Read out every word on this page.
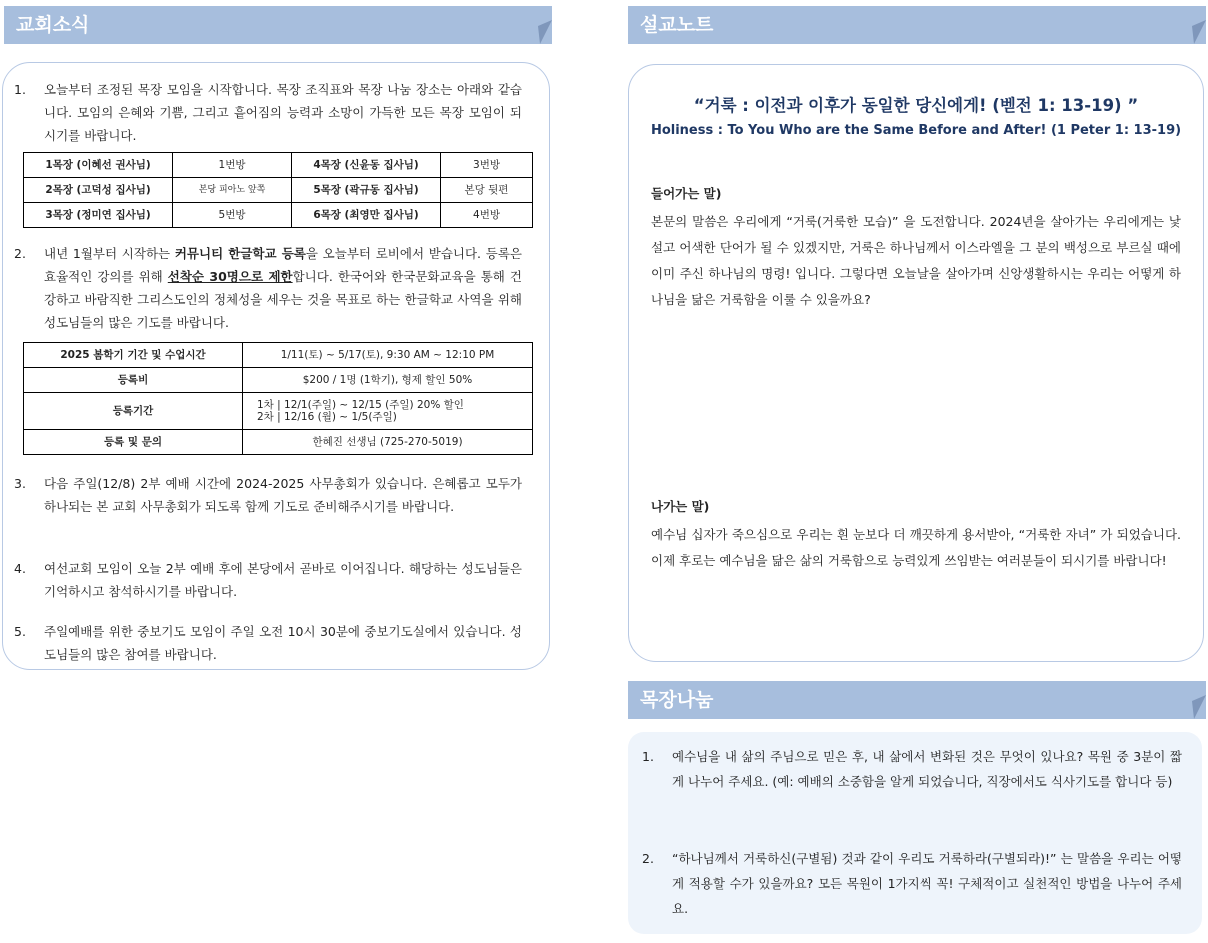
교회소식
1.	오늘부터 조정된 목장 모임을 시작합니다. 목장 조직표와 목장 나눔 장소는 아래와 같습니다. 모임의 은혜와 기쁨, 그리고 흩어짐의 능력과 소망이 가득한 모든 목장 모임이 되시기를 바랍니다.
1목장 (이혜선 권사님)	1번방	4목장 (신윤동 집사님)	3번방
2목장 (고덕성 집사님)	본당 피아노 앞쪽	5목장 (곽규동 집사님)	본당 뒷편
3목장 (정미연 집사님)	5번방	6목장 (최영만 집사님)	4번방
2.	내년 1월부터 시작하는 커뮤니티 한글학교 등록을 오늘부터 로비에서 받습니다. 등록은 효율적인 강의를 위해 선착순 30명으로 제한합니다. 한국어와 한국문화교육을 통해 건강하고 바람직한 그리스도인의 정체성을 세우는 것을 목표로 하는 한글학교 사역을 위해 성도님들의 많은 기도를 바랍니다.
2025 봄학기 기간 및 수업시간	1/11(토) ~ 5/17(토), 9:30 AM ~ 12:10 PM
등록비	$200 / 1명 (1학기), 형제 할인 50%
등록기간	1차 | 12/1(주일) ~ 12/15 (주일) 20% 할인
2차 | 12/16 (월) ~ 1/5(주일)

등록 및 문의	한혜진 선생님 (725-270-5019)
3.	다음 주일(12/8) 2부 예배 시간에 2024-2025 사무총회가 있습니다. 은혜롭고 모두가 하나되는 본 교회 사무총회가 되도록 함께 기도로 준비해주시기를 바랍니다.
4.	여선교회 모임이 오늘 2부 예배 후에 본당에서 곧바로 이어집니다. 해당하는 성도님들은 기억하시고 참석하시기를 바랍니다.
5.	주일예배를 위한 중보기도 모임이 주일 오전 10시 30분에 중보기도실에서 있습니다. 성도님들의 많은 참여를 바랍니다.
설교노트
“거룩 : 이전과 이후가 동일한 당신에게! (벧전 1: 13-19) ”
Holiness : To You Who are the Same Before and After! (1 Peter 1: 13-19)
들어가는 말)
본문의 말씀은 우리에게 “거룩(거룩한 모습)” 을 도전합니다. 2024년을 살아가는 우리에게는 낯설고 어색한 단어가 될 수 있겠지만, 거룩은 하나님께서 이스라엘을 그 분의 백성으로 부르실 때에 이미 주신 하나님의 명령! 입니다. 그렇다면 오늘날을 살아가며 신앙생활하시는 우리는 어떻게 하나님을 닮은 거룩함을 이룰 수 있을까요?
나가는 말)
예수님 십자가 죽으심으로 우리는 흰 눈보다 더 깨끗하게 용서받아, “거룩한 자녀” 가 되었습니다. 이제 후로는 예수님을 닮은 삶의 거룩함으로 능력있게 쓰임받는 여러분들이 되시기를 바랍니다!
목장나눔
1.	예수님을 내 삶의 주님으로 믿은 후, 내 삶에서 변화된 것은 무엇이 있나요? 목원 중 3분이 짧게 나누어 주세요. (예: 예배의 소중함을 알게 되었습니다, 직장에서도 식사기도를 합니다 등)
2.	“하나님께서 거룩하신(구별됨) 것과 같이 우리도 거룩하라(구별되라)!” 는 말씀을 우리는 어떻게 적용할 수가 있을까요? 모든 목원이 1가지씩 꼭! 구체적이고 실천적인 방법을 나누어 주세요.
